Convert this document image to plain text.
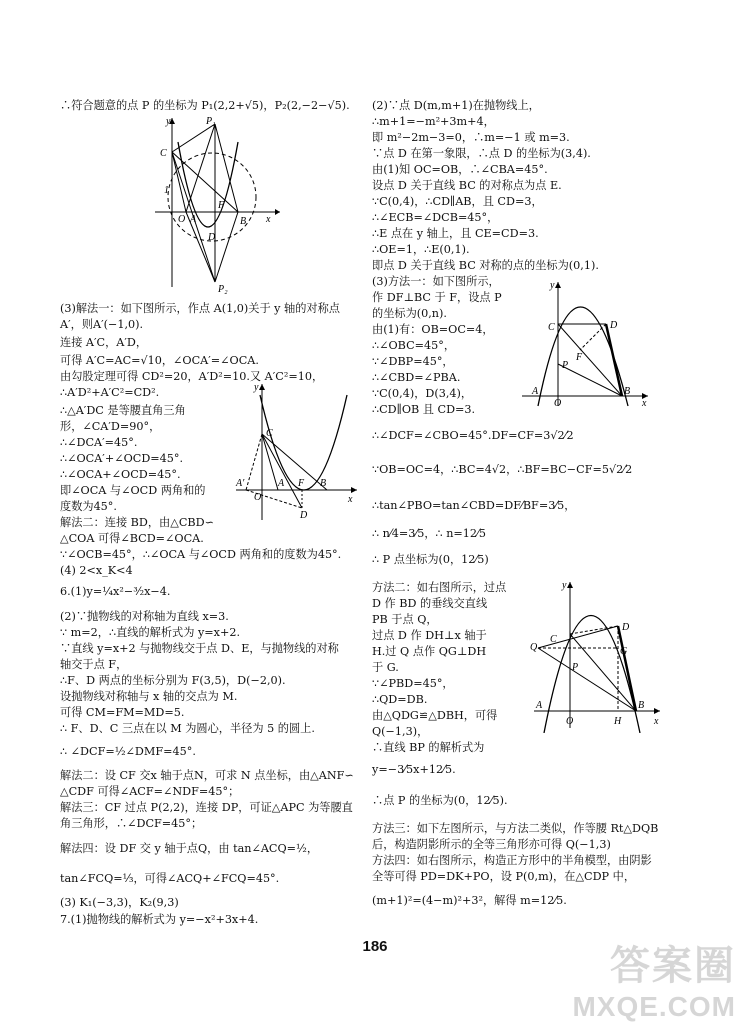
∴符合题意的点 P 的坐标为 P₁(2,2+√5)，P₂(2,−2−√5).
(3)解法一：如下图所示，作点 A(1,0)关于 y 轴的对称点
A′，则A′(−1,0).
连接 A′C，A′D，
可得 A′C=AC=√10，∠OCA′=∠OCA.
由勾股定理可得 CD²=20，A′D²=10.又 A′C²=10，
∴A′D²+A′C²=CD².
∴△A′DC 是等腰直角三角
形，∠CA′D=90°，
∴∠DCA′=45°.
∴∠OCA′+∠OCD=45°.
∴∠OCA+∠OCD=45°.
即∠OCA 与∠OCD 两角和的
度数为45°.
解法二：连接 BD，由△CBD∽
△COA 可得∠BCD=∠OCA.
∵∠OCB=45°，∴∠OCA 与∠OCD 两角和的度数为45°.
(4) 2<x_K<4
6.(1)y=¼x²−³⁄₂x−4.
(2)∵抛物线的对称轴为直线 x=3.
∵ m=2，∴直线的解析式为 y=x+2.
∵直线 y=x+2 与抛物线交于点 D、E，与抛物线的对称
轴交于点 F，
∴F、D 两点的坐标分别为 F(3,5)，D(−2,0).
设抛物线对称轴与 x 轴的交点为 M.
可得 CM=FM=MD=5.
∴ F、D、C 三点在以 M 为圆心，半径为 5 的圆上.
∴ ∠DCF=½∠DMF=45°.
解法二：设 CF 交x 轴于点N，可求 N 点坐标，由△ANF∽
△CDF 可得∠ACF=∠NDF=45°；
解法三：CF 过点 P(2,2)，连接 DP，可证△APC 为等腰直
角三角形，∴∠DCF=45°；
解法四：设 DF 交 y 轴于点Q，由 tan∠ACQ=½，
tan∠FCQ=⅓，可得∠ACQ+∠FCQ=45°.
(3) K₁(−3,3)，K₂(9,3)
7.(1)抛物线的解析式为 y=−x²+3x+4.
(2)∵点 D(m,m+1)在抛物线上，
∴m+1=−m²+3m+4，
即 m²−2m−3=0，∴m=−1 或 m=3.
∵点 D 在第一象限，∴点 D 的坐标为(3,4).
由(1)知 OC=OB，∴∠CBA=45°.
设点 D 关于直线 BC 的对称点为点 E.
∵C(0,4)，∴CD∥AB，且 CD=3，
∴∠ECB=∠DCB=45°，
∴E 点在 y 轴上，且 CE=CD=3.
∴OE=1，∴E(0,1).
即点 D 关于直线 BC 对称的点的坐标为(0,1).
(3)方法一：如下图所示，
作 DF⊥BC 于 F，设点 P
的坐标为(0,n).
由(1)有：OB=OC=4，
∴∠OBC=45°，
∵∠DBP=45°，
∴∠CBD=∠PBA.
∵C(0,4)，D(3,4)，
∴CD∥OB 且 CD=3.
∴∠DCF=∠CBO=45°.DF=CF=3√2⁄2
∵OB=OC=4，∴BC=4√2，∴BF=BC−CF=5√2⁄2
∴tan∠PBO=tan∠CBD=DF⁄BF=3⁄5，
∴ n⁄4=3⁄5，∴ n=12⁄5
∴ P 点坐标为(0，12⁄5)
方法二：如右图所示，过点
D 作 BD 的垂线交直线
PB 于点 Q，
过点 D 作 DH⊥x 轴于
H.过 Q 点作 QG⊥DH
于 G.
∵∠PBD=45°，
∴QD=DB.
由△QDG≌△DBH，可得
Q(−1,3)，
∴直线 BP 的解析式为
y=−3⁄5x+12⁄5.
∴点 P 的坐标为(0，12⁄5).
方法三：如下左图所示，与方法二类似，作等腰 Rt△DQB
后，构造阴影所示的全等三角形亦可得 Q(−1,3)
方法四：如右图所示，构造正方形中的半角模型，由阴影
全等可得 PD=DK+PO，设 P(0,m)，在△CDP 中，
(m+1)²=(4−m)²+3²，解得 m=12⁄5.
y	P₁
C
1
O A
F
B x
D
P₂
y
C
A′
O
A F B
D
x
y
C	D
F
P
A
O
B
x
y
C
D
Q	G
P
A
O	H
B
x
186	答案圈
MXQE.COM
